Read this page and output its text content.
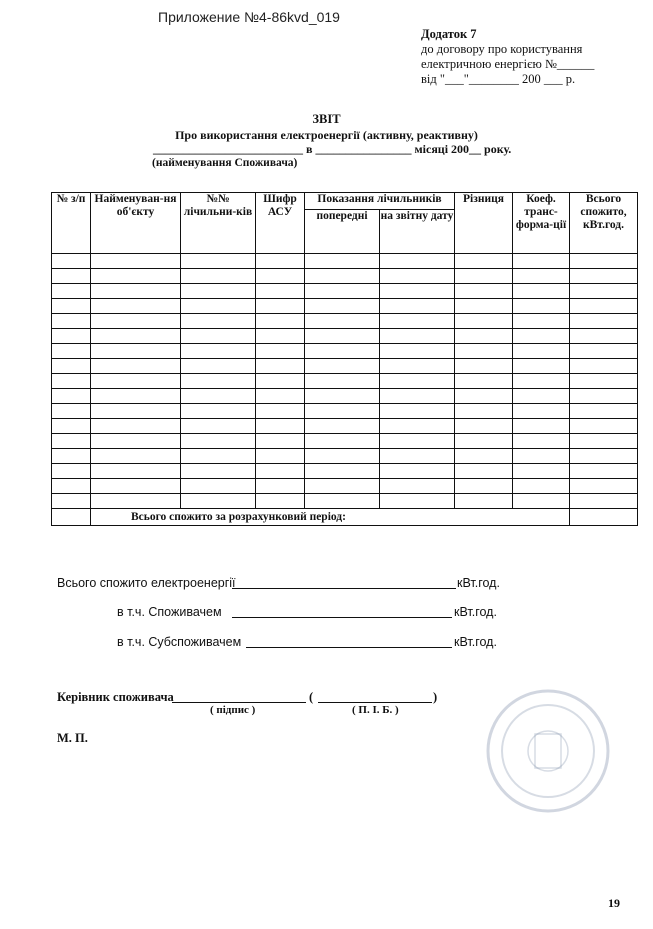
Приложение №4-86kvd_019
Додаток 7
до договору про користування
електричною енергією №______
від "___"________ 200 ___ р.
ЗВІТ
Про використання електроенергії (активну, реактивну)
_________________________ в ________________ місяці 200__ року.
(найменування Споживача)
№ з/п	Найменуван-ня об'єкту	№№ лічильни-ків	Шифр АСУ	Показання лічильників		Різниця	Коеф. транс-форма-ції	Всього спожито, кВт.год.
				попередні	на звітну дату			

	Всього спожито за розрахунковий період:							
Всього спожито електроенергії	кВт.год.
в т.ч. Споживачем	кВт.год.
в т.ч. Субспоживачем	кВт.год.
Керівник споживача	(	)
( підпис )	( П. І. Б. )
М. П.
19
